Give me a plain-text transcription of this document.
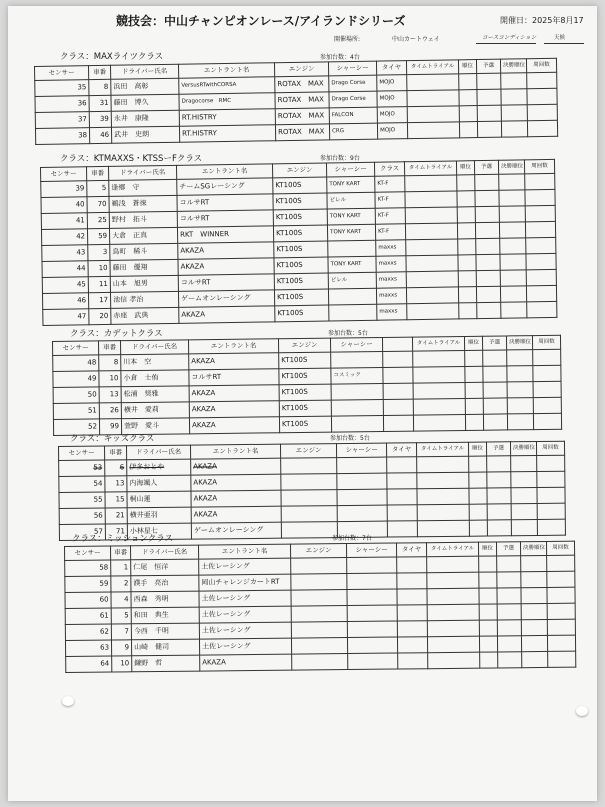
競技会：中山チャンピオンレース/アイランドシリーズ	開催日：2025年8月17
開催場所:	中山カートウェイ	コースコンディション	天候
クラス：MAXライツクラス	参加台数：4台
センサー	車番	ドライバー氏名	エントラント名	エンジン	シャーシー	タイヤ	タイムトライアル	順位	予選	決勝順位	周回数
35	8	浜田　高彰	VersusRTwithCORSA	ROTAX　MAX	Drago Corse	MOJO					
36	31	藤田　博久	Dragocorse　RMC	ROTAX　MAX	Drago Corse	MOJO					
37	39	永井　康隆	RT.HISTRY	ROTAX　MAX	FALCON	MOJO					
38	46	武井　史朗	RT.HISTRY	ROTAX　MAX	CRG	MOJO					
クラス：KTMAXXS・KTSSーFクラス	参加台数：9台
センサー	車番	ドライバー氏名	エントラント名	エンジン	シャーシー	クラス	タイムトライアル	順位	予選	決勝順位	周回数
39	5	逢郷　守	チームSGレーシング	KT100S	TONY KART	KT-F					
40	70	鵜浅　蒼徠	コルサRT	KT100S	ビレル	KT-F					
41	25	野村　拓斗	コルサRT	KT100S	TONY KART	KT-F					
42	59	大倉　正真	RKT　WINNER	KT100S	TONY KART	KT-F					
43	3	鳥町　稀斗	AKAZA	KT100S		maxxs					
44	10	藤田　優翔	AKAZA	KT100S	TONY KART	maxxs					
45	11	山本　旭男	コルサRT	KT100S	ビレル	maxxs					
46	17	池信 孝治	ゲームオンレーシング	KT100S		maxxs					
47	20	赤座　武典	AKAZA	KT100S		maxxs					
クラス：カデットクラス	参加台数：5台
センサー	車番	ドライバー氏名	エントラント名	エンジン	シャーシー		タイムトライアル	順位	予選	決勝順位	周回数
48	8	川本　空	AKAZA	KT100S							
49	10	小倉　士侑	コルサRT	KT100S	コスミック						
50	13	松浦　奨雅	AKAZA	KT100S							
51	26	横井　愛莉	AKAZA	KT100S							
52	99	萱野　愛斗	AKAZA	KT100S							
クラス：キッズクラス	参加台数：5台
センサー	車番	ドライバー氏名	エントラント名	エンジン	シャーシー	タイヤ	タイムトライアル	順位	予選	決勝順位	周回数
53	6	伊多おとや	AKAZA								
54	13	内海颯人	AKAZA								
55	15	桐山蓮	AKAZA								
56	21	横井亜羽	AKAZA								
57	71	小林星七	ゲームオンレーシング								
クラス：ミッションクラス	参加台数：7台
センサー	車番	ドライバー氏名	エントラント名	エンジン	シャーシー	タイヤ	タイムトライアル	順位	予選	決勝順位	周回数
58	1	仁尾　恒洋	土佐レーシング								
59	2	濮手　亮治	岡山チャレンジカートRT								
60	4	西森　秀明	土佐レーシング								
61	5	和田　典生	土佐レーシング								
62	7	今西　千明	土佐レーシング								
63	9	山崎　健司	土佐レーシング								
64	10	鎌野　哲	AKAZA								
